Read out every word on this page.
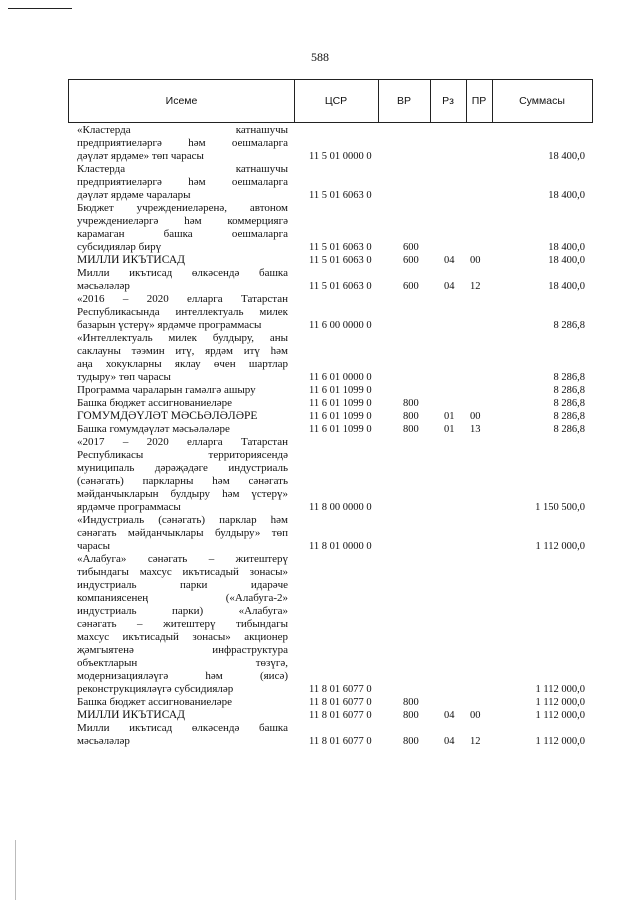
588
Исеме	ЦСР	ВР	Рз	ПР	Суммасы
«Кластерда катнашучы
предприятиеләргә һәм оешмаларга
дәүләт ярдәме» төп чарасы	11 5 01 0000 0	18 400,0
Кластерда катнашучы
предприятиеләргә һәм оешмаларга
дәүләт ярдәме чаралары	11 5 01 6063 0	18 400,0
Бюджет учреждениеләренә, автоном
учреждениеләргә һәм коммерциягә
карамаган башка оешмаларга
субсидияләр бирү	11 5 01 6063 0	600	18 400,0
МИЛЛИ ИКЪТИСАД	11 5 01 6063 0	600	04	00	18 400,0
Милли икътисад өлкәсендә башка
мәсьәләләр	11 5 01 6063 0	600	04	12	18 400,0
«2016 – 2020 елларга Татарстан
Республикасында интеллектуаль милек
базарын үстерү» ярдәмче программасы	11 6 00 0000 0	8 286,8
«Интеллектуаль милек булдыру, аны
саклауны тәэмин итү, ярдәм итү һәм
аңа хокукларны яклау өчен шартлар
тудыру» төп чарасы	11 6 01 0000 0	8 286,8
Программа чараларын гамәлгә ашыру	11 6 01 1099 0	8 286,8
Башка бюджет ассигнованиеләре	11 6 01 1099 0	800	8 286,8
ГОМУМДӘҮЛӘТ МӘСЬӘЛӘЛӘРЕ	11 6 01 1099 0	800	01	00	8 286,8
Башка гомумдәүләт мәсьәләләре	11 6 01 1099 0	800	01	13	8 286,8
«2017 – 2020 елларга Татарстан
Республикасы территориясендә
муниципаль дәрәҗәдәге индустриаль
(сәнәгать) паркларны һәм сәнәгать
мәйданчыкларын булдыру һәм үстерү»
ярдәмче программасы	11 8 00 0000 0	1 150 500,0
«Индустриаль (сәнәгать) парклар һәм
сәнәгать мәйданчыклары булдыру» төп
чарасы	11 8 01 0000 0	1 112 000,0
«Алабуга» сәнәгать – житештерү
тибындагы махсус икътисадый зонасы»
индустриаль парки идарәче
компаниясенең («Алабуга-2»
индустриаль парки) «Алабуга»
сәнәгать – житештерү тибындагы
махсус икътисадый зонасы» акционер
җәмгыятенә инфраструктура
объектларын төзүгә,
модернизацияләүгә һәм (яисә)
реконструкцияләүгә субсидияләр	11 8 01 6077 0	1 112 000,0
Башка бюджет ассигнованиеләре	11 8 01 6077 0	800	1 112 000,0
МИЛЛИ ИКЪТИСАД	11 8 01 6077 0	800	04	00	1 112 000,0
Милли икътисад өлкәсендә башка
мәсьәләләр	11 8 01 6077 0	800	04	12	1 112 000,0
